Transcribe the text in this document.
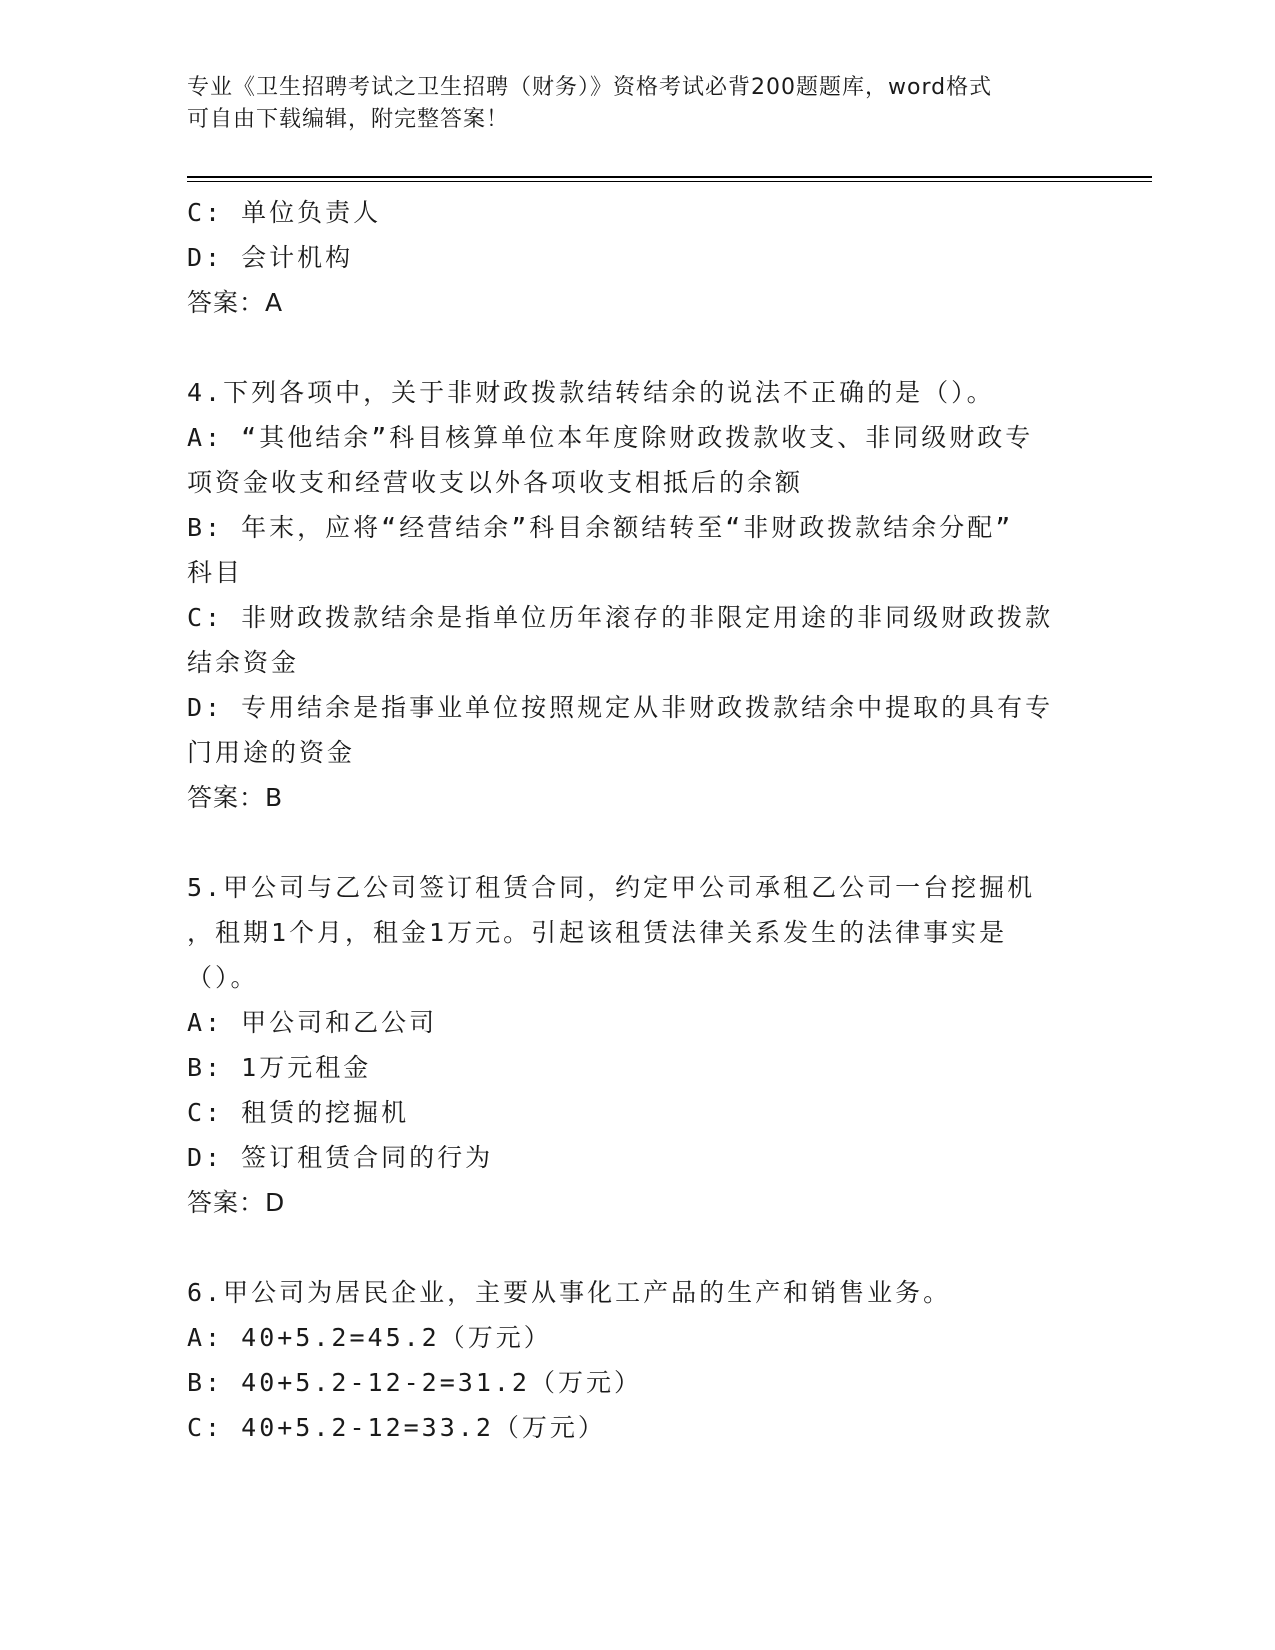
专业《卫生招聘考试之卫生招聘（财务）》资格考试必背200题题库，word格式
可自由下载编辑，附完整答案！
C: 单位负责人
D: 会计机构
答案：A
4.下列各项中，关于非财政拨款结转结余的说法不正确的是（）。
A: “其他结余”科目核算单位本年度除财政拨款收支、非同级财政专
项资金收支和经营收支以外各项收支相抵后的余额
B: 年末，应将“经营结余”科目余额结转至“非财政拨款结余分配”
科目
C: 非财政拨款结余是指单位历年滚存的非限定用途的非同级财政拨款
结余资金
D: 专用结余是指事业单位按照规定从非财政拨款结余中提取的具有专
门用途的资金
答案：B
5.甲公司与乙公司签订租赁合同，约定甲公司承租乙公司一台挖掘机
，租期1个月，租金1万元。引起该租赁法律关系发生的法律事实是
（）。
A: 甲公司和乙公司
B: 1万元租金
C: 租赁的挖掘机
D: 签订租赁合同的行为
答案：D
6.甲公司为居民企业，主要从事化工产品的生产和销售业务。
A: 40+5.2=45.2（万元）
B: 40+5.2-12-2=31.2（万元）
C: 40+5.2-12=33.2（万元）
